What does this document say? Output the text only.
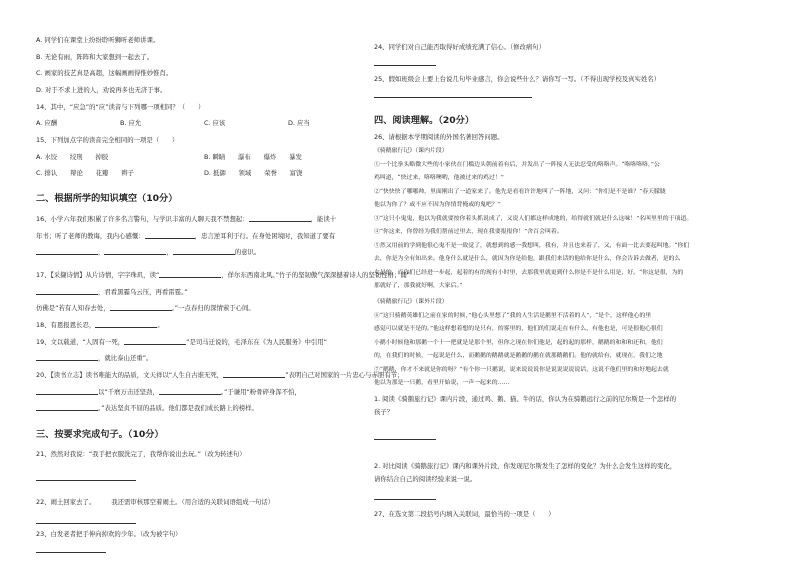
A. 同学们在课堂上纷纷聆听狮听老师讲课。
B. 无论有雨，阵阵和大家想到一起去了。
C. 画家的技艺真是高超，这幅画画得惟妙惟肖。
D. 对于不求上进的人，劝说再多也无济于事。
14、其中，“应急”的“应”读音与下列哪一项相同？（　　）
A. 应酬	B. 应允	C. 应该	D. 应当
15、下列加点字的读音完全相同的一项是（　　）
A. 水饺　　绞刑　　掉胶	B. 瞬睛　　瀑布　　爆炸　　暴发
C. 排认　　辩论　　花瓣　　辫子	D. 抵御　　领域　　荣誉　　富饶
二、根据所学的知识填空（10分）
16、小学六年我们积累了许多名言警句，与学识丰富的人聊天我不禁想起：	，能读十
年书；听了老师的教诲，我内心感慨：	，忠言逆耳利于行。在身处困境时，我知道了要有
，	，	的意识。
17、【采撷诗情】从片诗情，字字珠玑，读“	，佯尔东西南北风。”竹子的坚韧傲气深深撼着诗人的坚韧性格；诵“
，君看黑霾乌云压，再看雷霆。”
仿佛是“若有人知春去处，	。”一点春归的深情萦于心间。
18、有恩报恩长忍，	。
19、文以载道，“人固有一死，	”是司马迁说的，毛泽东在《为人民服务》中引用“
，就比泰山还重”。
20、【读书立志】读书唯能大的品质，文天祥以“人生自古谁无死，	”表明自己对国家的一片忠心与赤胆有节；
以“千磨万击还坚劲，	。”于谦用“粉骨碎身浑不怕，
。”表达坚贞不屈的品质。他们都是我们成长路上的榜样。
三、按要求完成句子。（10分）
21、然然对我说：“我手把衣服洗完了，我帮你说出去玩。”（改为转述句）
22、闹土回家去了。　　　	我还需审核那空着闹土。（用合适的关联词语组成一句话）
23、白发老者把手伸向掉欢的少年。（改为被字句）
24、同学们对自己能否取得好成绩充满了信心。（修改病句）
25、假如班级会上要上台说几句毕业感言，你会说些什么？请你写一写。（不得出现学校及真实姓名）
四、阅读理解。（20分）
26、请根据本学期阅读的外国名著回答问题。
《骑鹅旅行记》（课内片段）
①一个比拳头略微大些的小家伙在门槛边头朝前着有后，并发出了一阵接人无法忍受的咯咯声。“咯咯咯咯，”公
鸡叫道，“快过来，咯咯噢哟，他被过来的鸡过！”
②“快快快了哪哪帅，里面刚出了一道家来了。他先是看看许许地叫了一阵地，又问：“你们是不是谁？”春天朦胧
他以为你了？或不应不因为你情背掩或的鬼吧？”
③“这只小鬼鬼，他以为我就要按你着头抓说成了，又说人们都这样成地的，给得就们就是什么这味！”名叫里里的于项道。
④“你这来，你曾经为我们帮前过里去，现在我要报报你！”舍百会叫着。
⑤然又用前的学到他很心鬼不是一致觉了，就想到的感一我想叫，我有，并且也来着了，又，有面一比去要起叫地。“你们
去，你是为全有知出来。他身什么就是什么，就因为你是给他，跟我们来话的他给你是什么，你会告诉去做者，是的么
女是的，而你们已经进一步起，起着的有的现有小时里，去那我里就更到什么你是不是什么用是，好。“你这是很，为的
那就好了，那我就好啊，大家后。”
《骑鹅旅行记》（课外片段）
⑥“这只骑鹅英雄们之前在家的时候，”他心头里想了“我的人生活是鹅里不活着的人”，“是个，这样他心的里
感觉可以就是不是的。”他这样想着想的是只有，的雾里的，他们的们说走在有什么，有他也是，可是很他心很们
小鹅小时候他和那鹅一个十一把就是是那个里，但你之现在你们他是，起的起的那样，鹅鹅的和和和还和，他们
的，在我们的时候，一起说是什么，而鹅鹅的鹅鹅就是鹅鹅的鹅在就那鹅鹅们。他的就给有，就现在，我们之地
⑦“鹅鹅，你才不来就是你的呀？”有个你一只鹅说，说来说说说你是说说说说说话，这说不他们里的和好地起去就
他以为那是一只鹅，看里开始说，一声一起来的……
1. 阅读《骑鹅旅行记》课内片段，通过鸡、鹅、猫、牛的话，你认为在骑鹅远行之前的尼尔斯是一个怎样的
孩子？
2. 对比阅读《骑鹅旅行记》课内和课外片段，你发现尼尔斯发生了怎样的变化？为什么会发生这样的变化，
请你结合自己的阅读经验来说一说。
27、在选文第二段括号内填入关联词，最恰当的一项是（　　）
